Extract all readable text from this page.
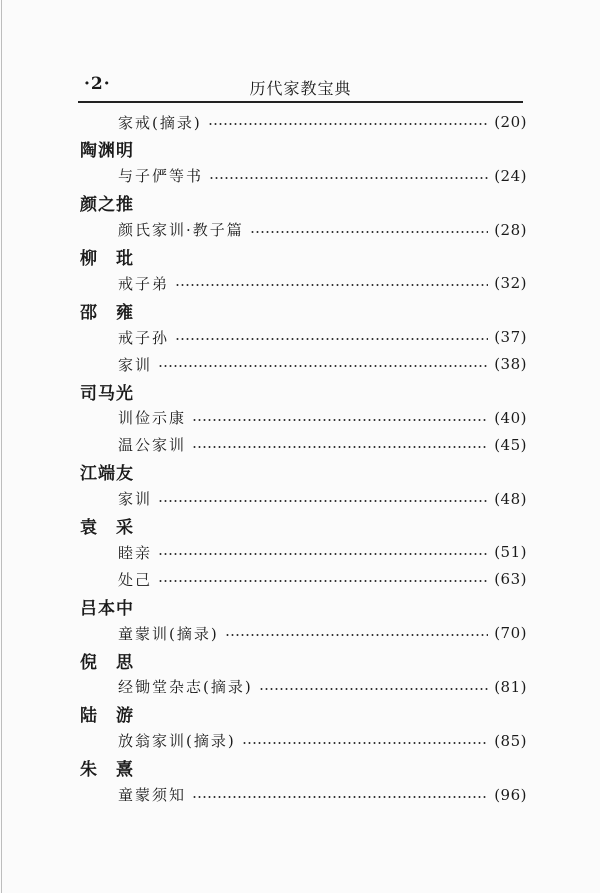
·2·	历代家教宝典
家戒(摘录)	(20)
陶渊明
与子俨等书	(24)
颜之推
颜氏家训·教子篇	(28)
柳　玭
戒子弟	(32)
邵　雍
戒子孙	(37)
家训	(38)
司马光
训俭示康	(40)
温公家训	(45)
江端友
家训	(48)
袁　采
睦亲	(51)
处己	(63)
吕本中
童蒙训(摘录)	(70)
倪　思
经锄堂杂志(摘录)	(81)
陆　游
放翁家训(摘录)	(85)
朱　熹
童蒙须知	(96)
